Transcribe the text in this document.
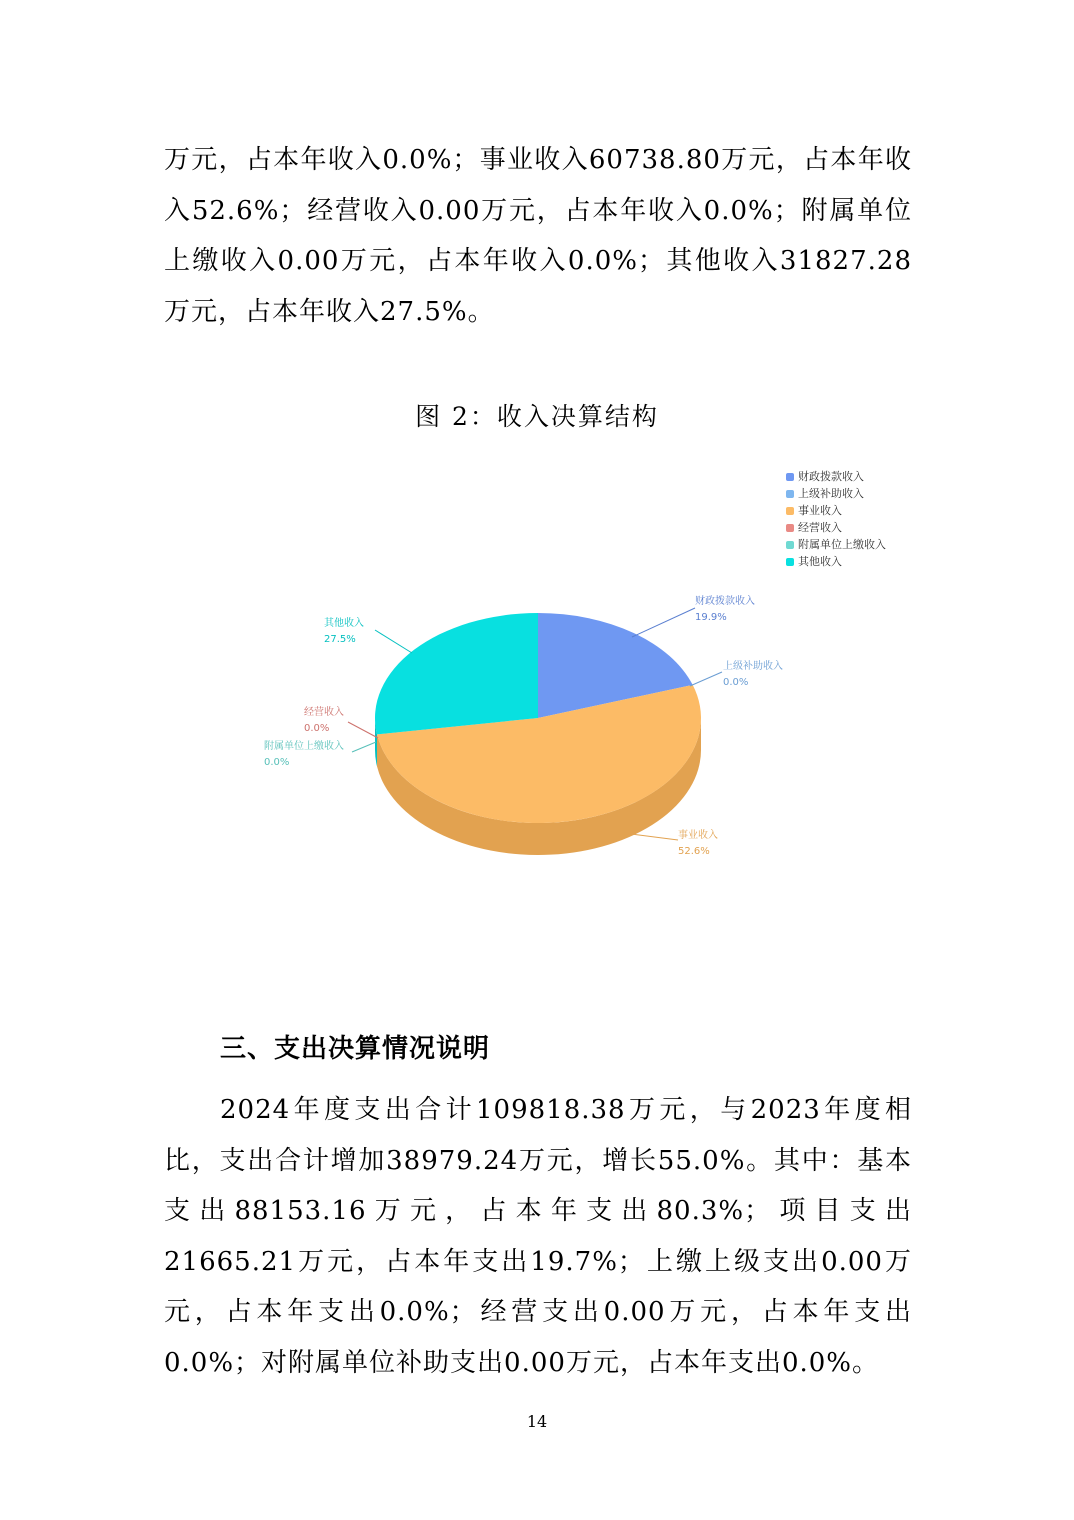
万元，占本年收入0.0%；事业收入60738.80万元，占本年收入52.6%；经营收入0.00万元，占本年收入0.0%；附属单位上缴收入0.00万元，占本年收入0.0%；其他收入31827.28万元，占本年收入27.5%。

图 2：收入决算结构
财政拨款收入
上级补助收入
事业收入
经营收入
附属单位上缴收入
其他收入
财政拨款收入
19.9%
上级补助收入
0.0%
事业收入
52.6%
经营收入
0.0%
附属单位上缴收入
0.0%
其他收入
27.5%
三、支出决算情况说明

2024年度支出合计109818.38万元，与2023年度相比，支出合计增加38979.24万元，增长55.0%。其中：基本支出88153.16万元，占本年支出80.3%；项目支出21665.21万元，占本年支出19.7%；上缴上级支出0.00万元，占本年支出0.0%；经营支出0.00万元，占本年支出0.0%；对附属单位补助支出0.00万元，占本年支出0.0%。

14
